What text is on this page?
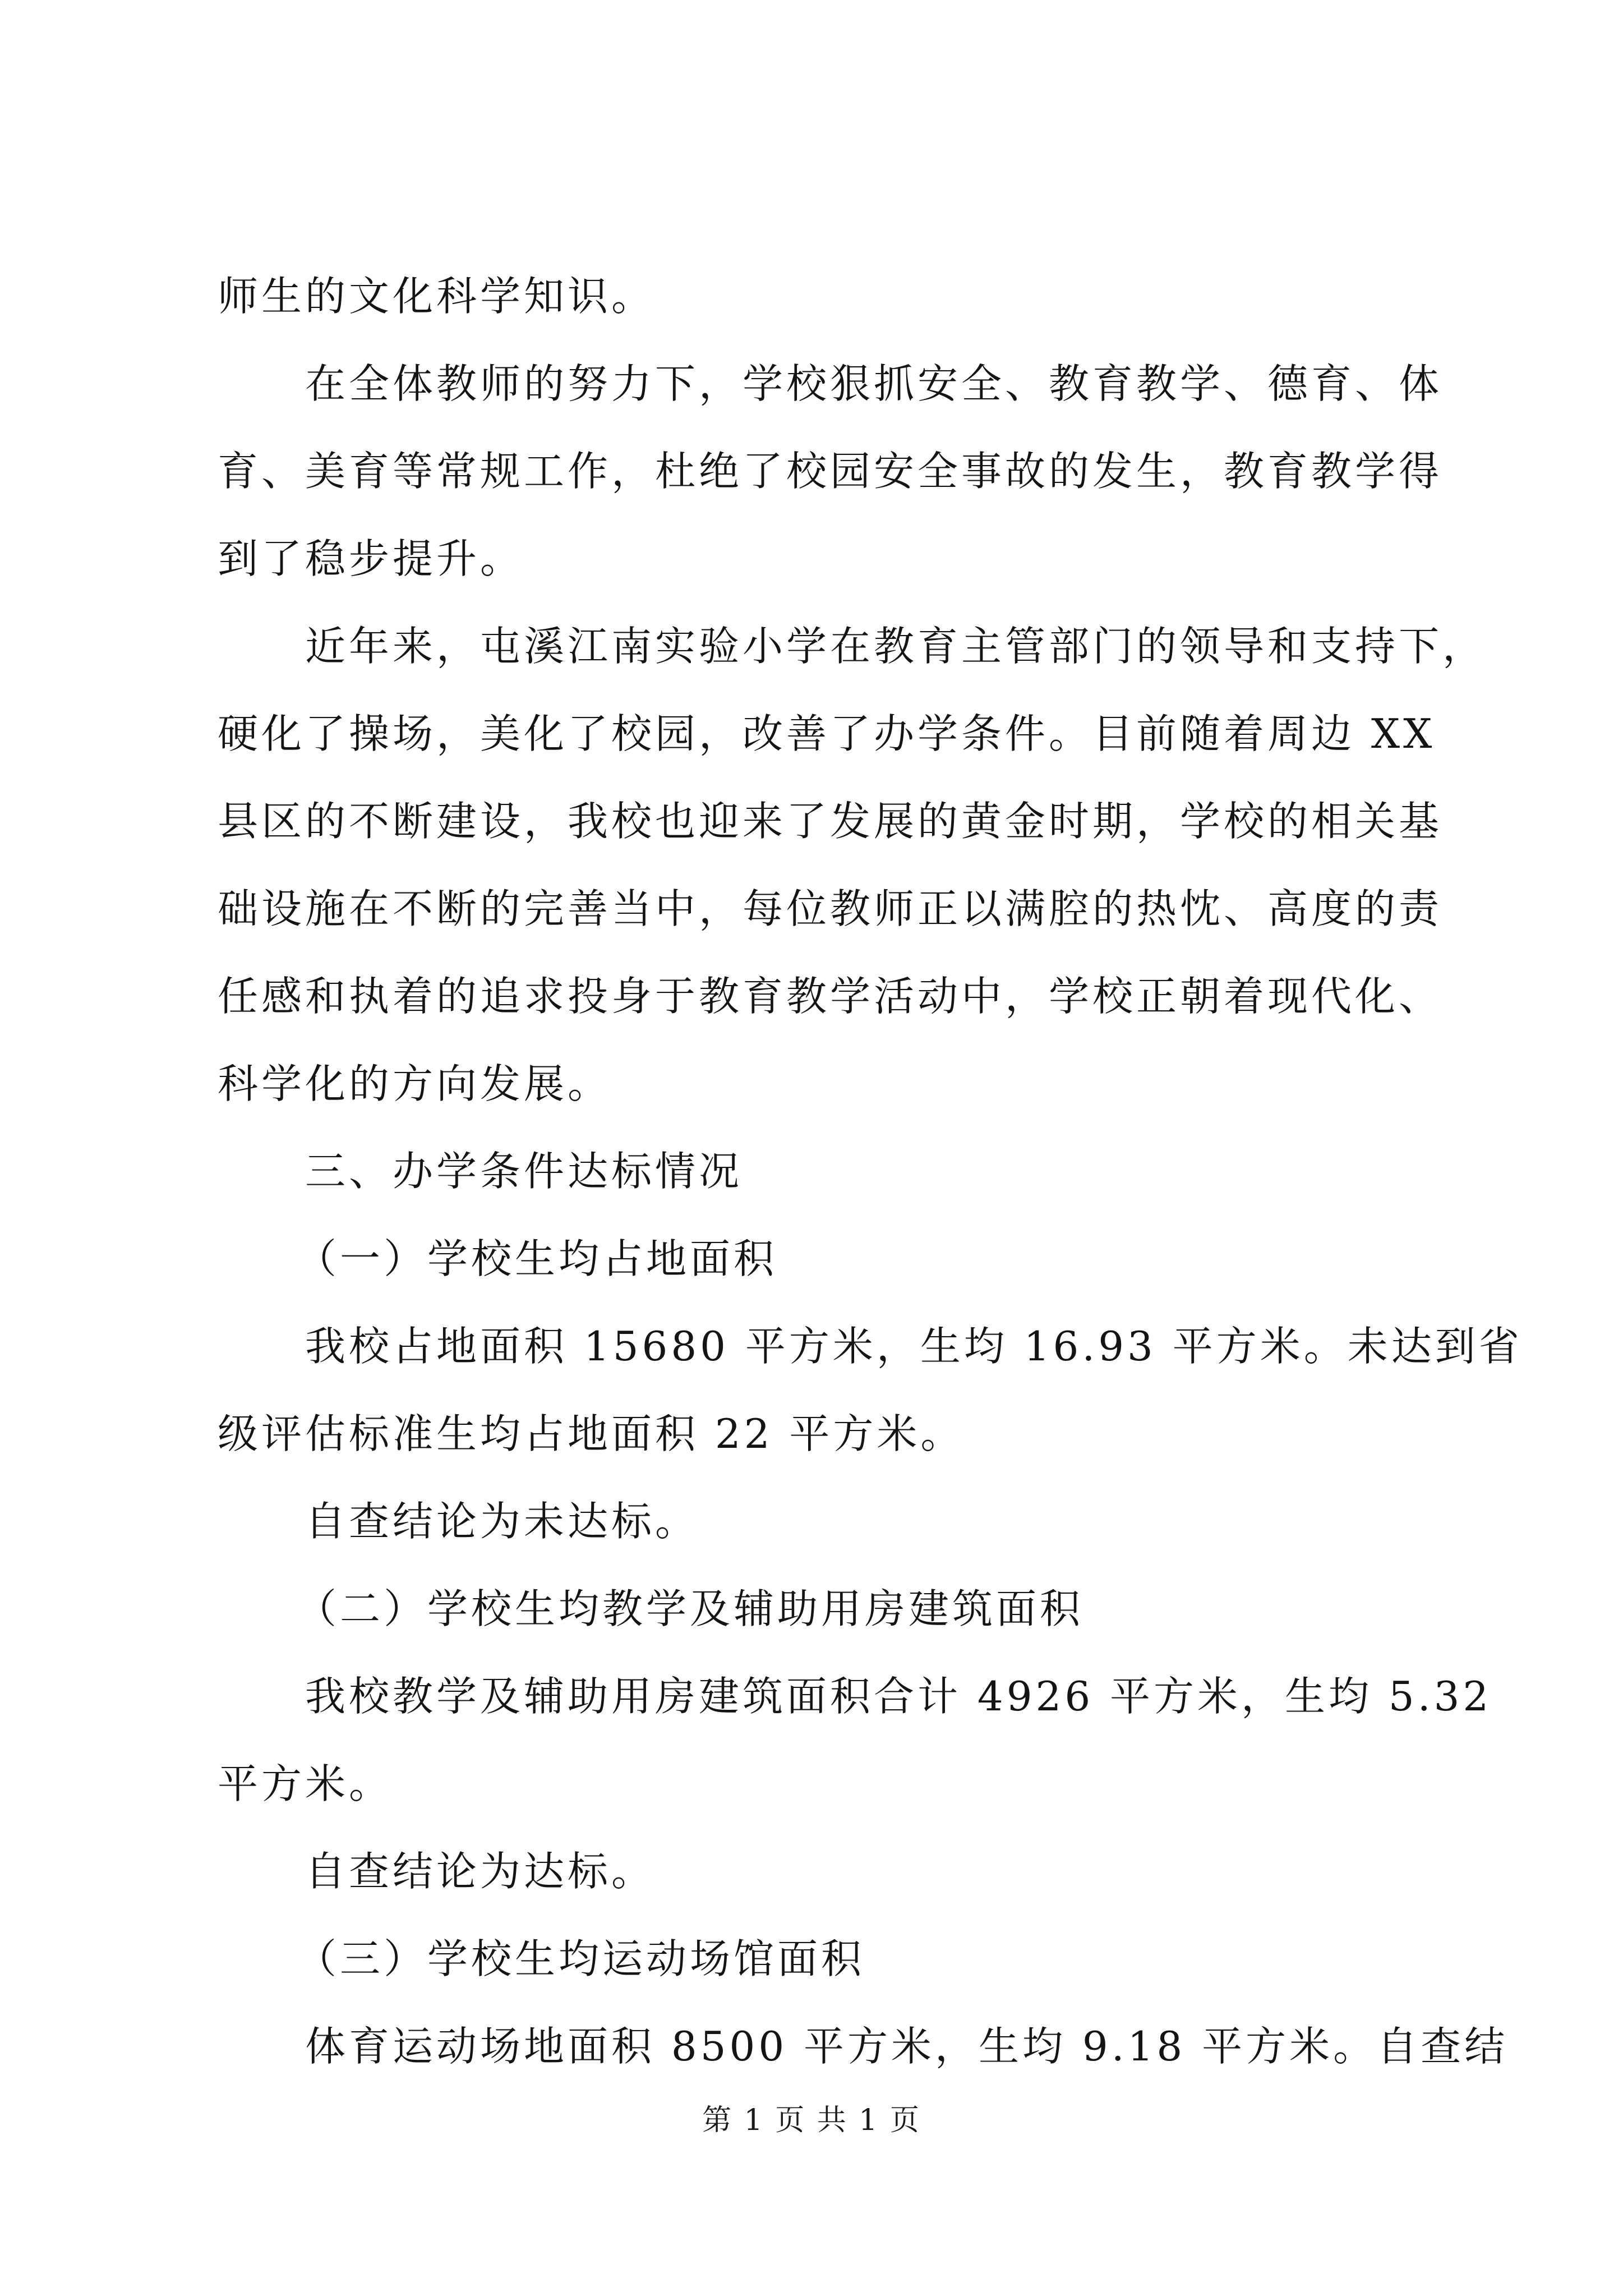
师生的文化科学知识。
在全体教师的努力下，学校狠抓安全、教育教学、德育、体
育、美育等常规工作，杜绝了校园安全事故的发生，教育教学得
到了稳步提升。
近年来，屯溪江南实验小学在教育主管部门的领导和支持下，
硬化了操场，美化了校园，改善了办学条件。目前随着周边 XX
县区的不断建设，我校也迎来了发展的黄金时期，学校的相关基
础设施在不断的完善当中，每位教师正以满腔的热忱、高度的责
任感和执着的追求投身于教育教学活动中，学校正朝着现代化、
科学化的方向发展。
三、办学条件达标情况
（一）学校生均占地面积
我校占地面积 15680 平方米，生均 16.93 平方米。未达到省
级评估标准生均占地面积 22 平方米。
自查结论为未达标。
（二）学校生均教学及辅助用房建筑面积
我校教学及辅助用房建筑面积合计 4926 平方米，生均 5.32
平方米。
自查结论为达标。
（三）学校生均运动场馆面积
体育运动场地面积 8500 平方米，生均 9.18 平方米。自查结
第 1 页 共 1 页
